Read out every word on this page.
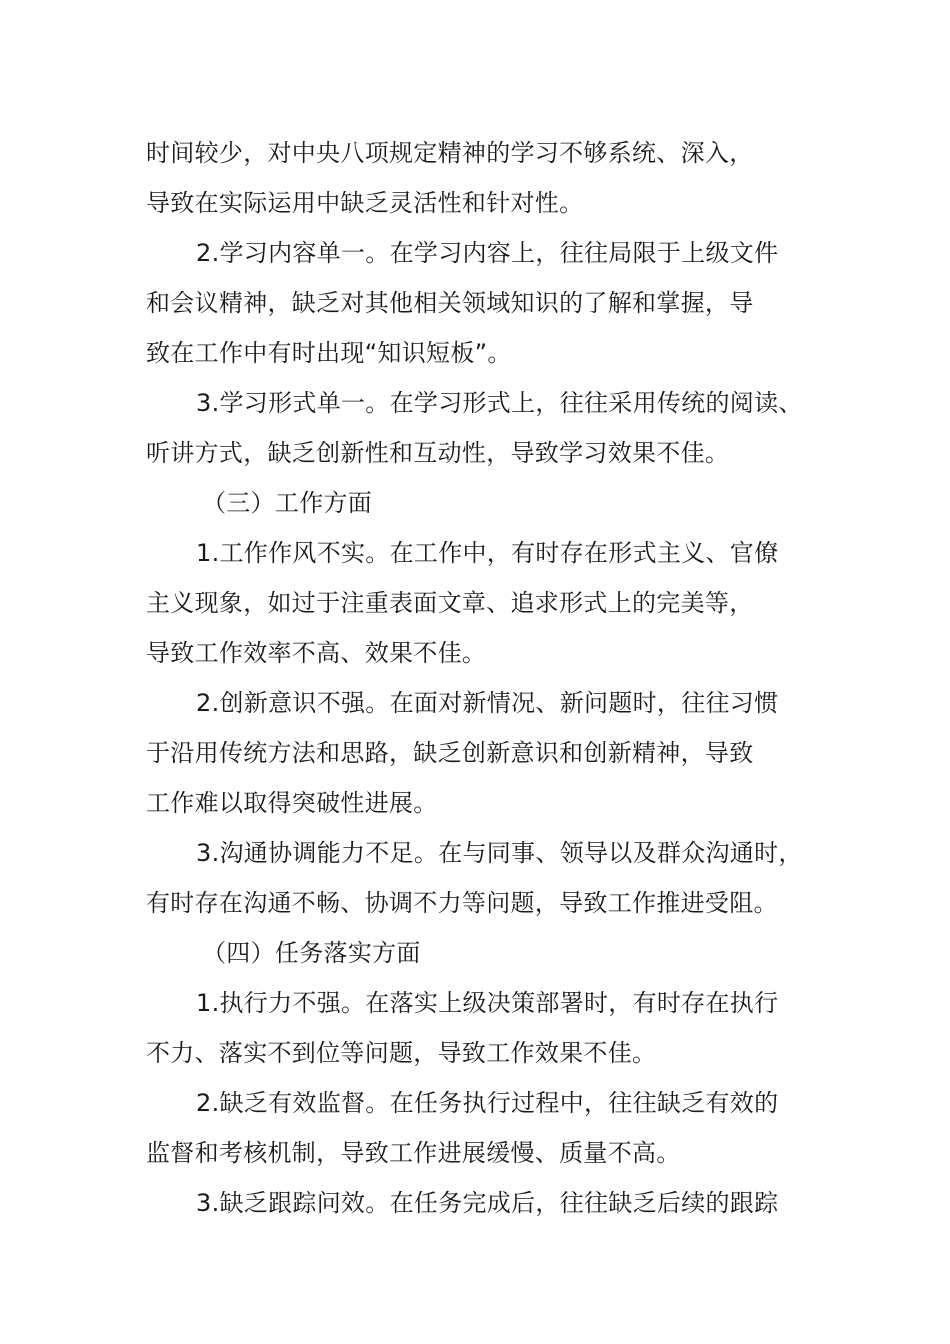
时间较少，对中央八项规定精神的学习不够系统、深入，
导致在实际运用中缺乏灵活性和针对性。
2.学习内容单一。在学习内容上，往往局限于上级文件
和会议精神，缺乏对其他相关领域知识的了解和掌握，导
致在工作中有时出现“知识短板”。
3.学习形式单一。在学习形式上，往往采用传统的阅读、
听讲方式，缺乏创新性和互动性，导致学习效果不佳。
（三）工作方面
1.工作作风不实。在工作中，有时存在形式主义、官僚
主义现象，如过于注重表面文章、追求形式上的完美等，
导致工作效率不高、效果不佳。
2.创新意识不强。在面对新情况、新问题时，往往习惯
于沿用传统方法和思路，缺乏创新意识和创新精神，导致
工作难以取得突破性进展。
3.沟通协调能力不足。在与同事、领导以及群众沟通时，
有时存在沟通不畅、协调不力等问题，导致工作推进受阻。
（四）任务落实方面
1.执行力不强。在落实上级决策部署时，有时存在执行
不力、落实不到位等问题，导致工作效果不佳。
2.缺乏有效监督。在任务执行过程中，往往缺乏有效的
监督和考核机制，导致工作进展缓慢、质量不高。
3.缺乏跟踪问效。在任务完成后，往往缺乏后续的跟踪
